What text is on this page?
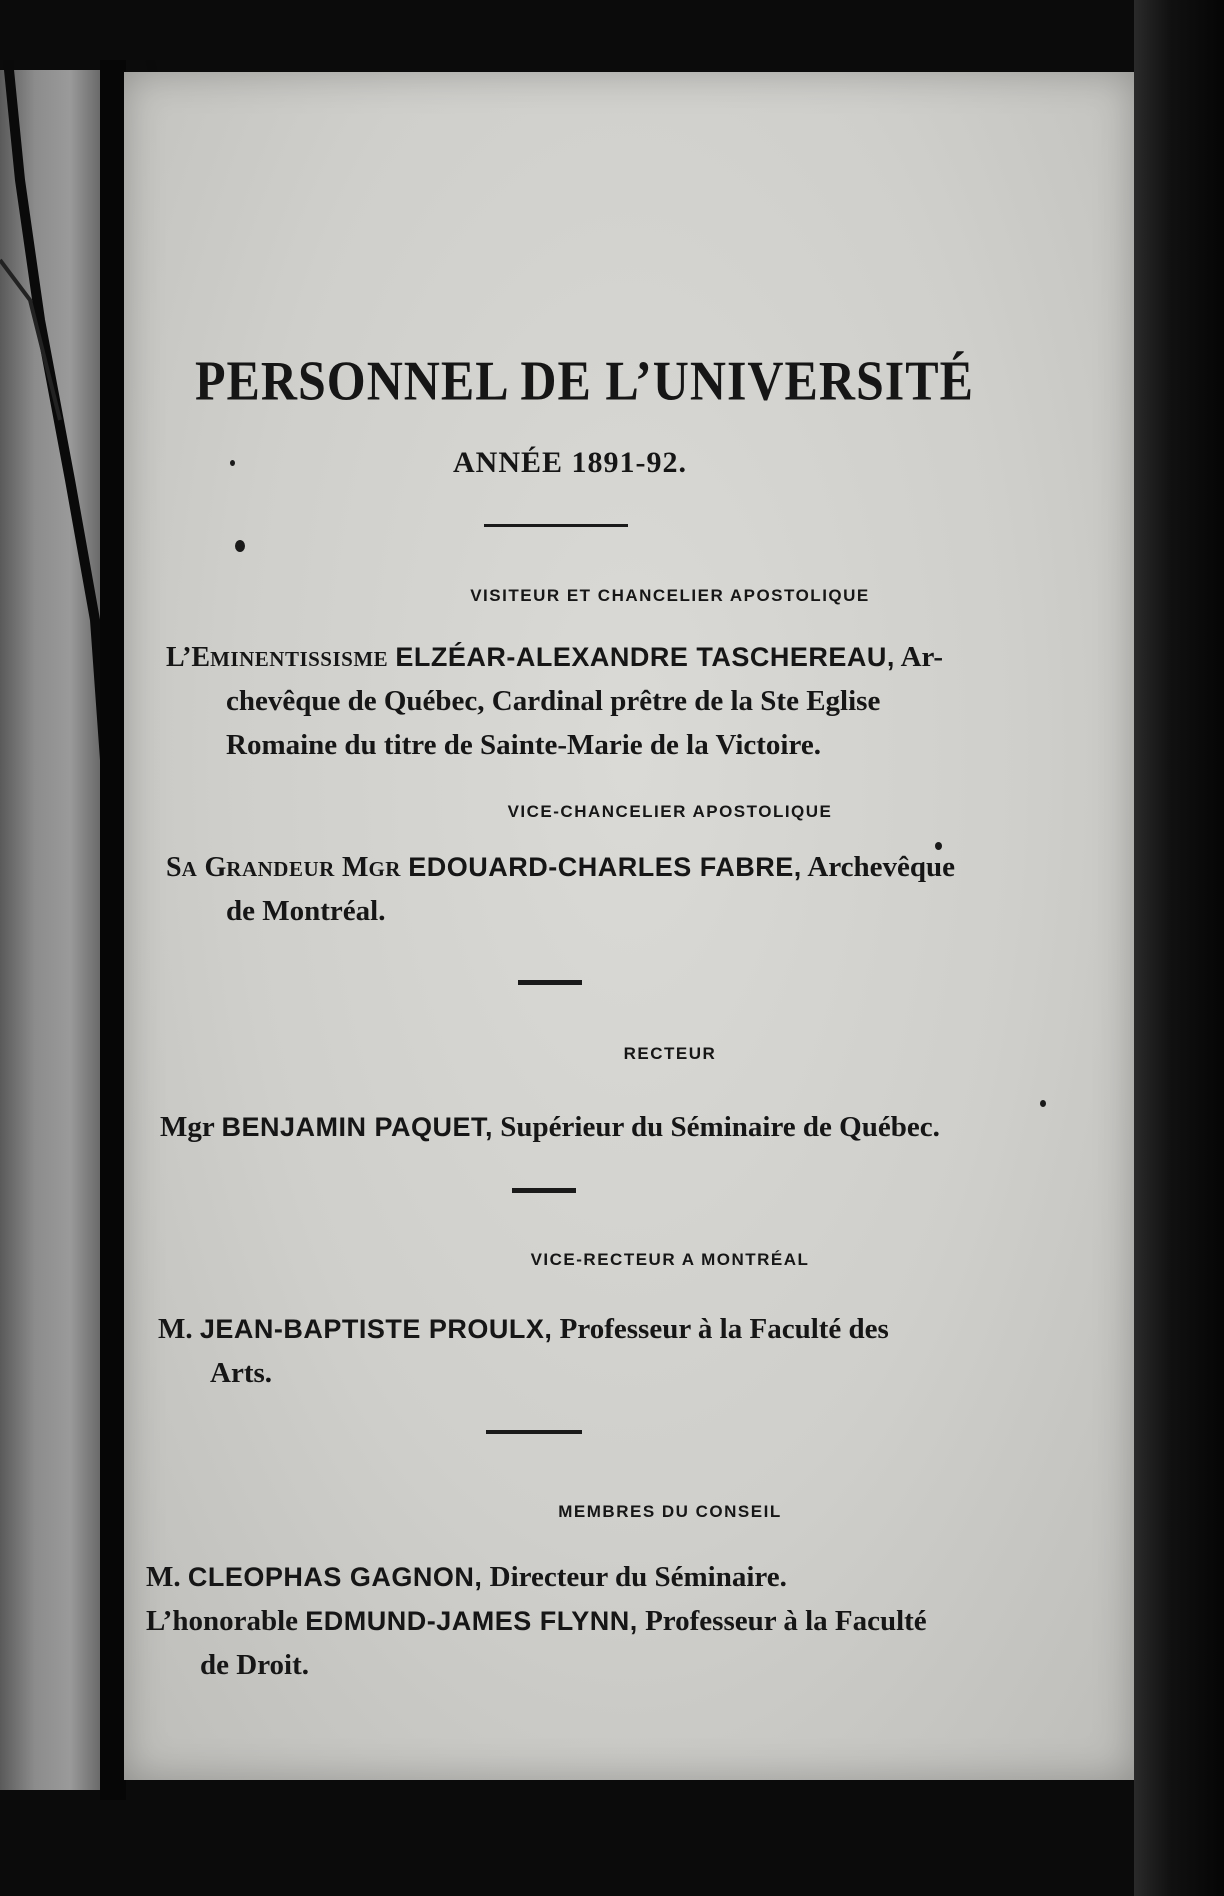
PERSONNEL DE L’UNIVERSITÉ
ANNÉE 1891-92.
VISITEUR ET CHANCELIER APOSTOLIQUE
L’EMINENTISSISME ELZÉAR-ALEXANDRE TASCHEREAU, Ar-
chevêque de Québec, Cardinal prêtre de la Ste Eglise
Romaine du titre de Sainte-Marie de la Victoire.
VICE-CHANCELIER APOSTOLIQUE
SA GRANDEUR MGR EDOUARD-CHARLES FABRE, Archevêque
de Montréal.
RECTEUR
Mgr BENJAMIN PAQUET, Supérieur du Séminaire de Québec.
VICE-RECTEUR A MONTRÉAL
M. JEAN-BAPTISTE PROULX, Professeur à la Faculté des
Arts.
MEMBRES DU CONSEIL
M. CLEOPHAS GAGNON, Directeur du Séminaire.
L’honorable EDMUND-JAMES FLYNN, Professeur à la Faculté
de Droit.
